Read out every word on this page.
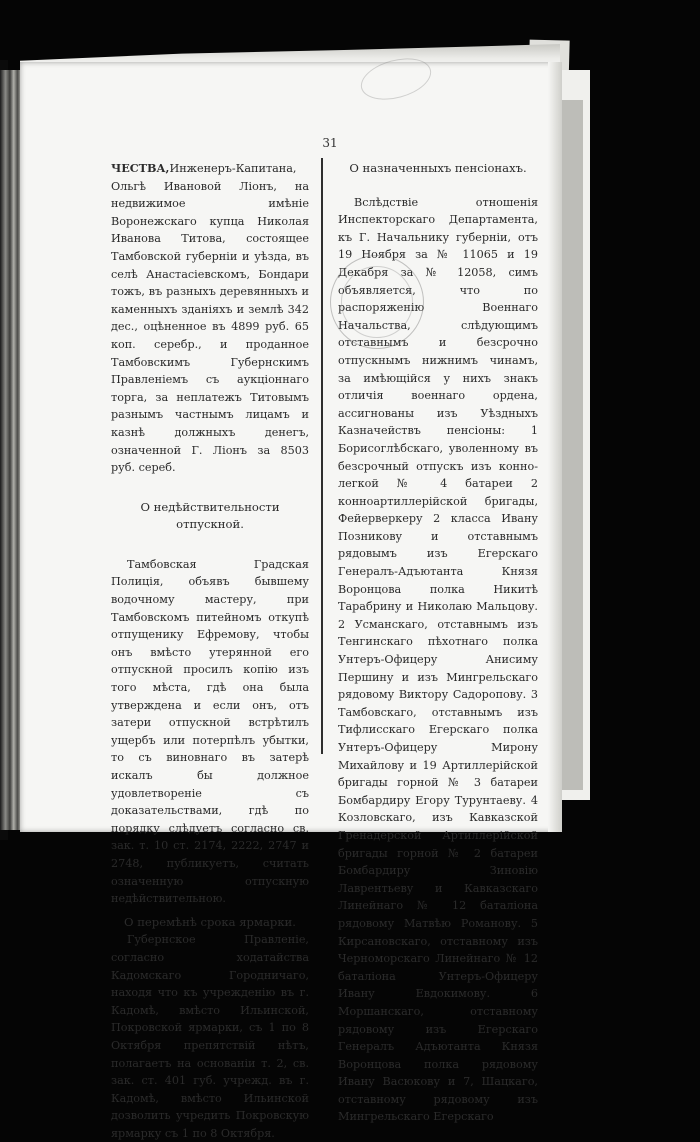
31

ЧЕСТВА,Инженеръ-Капитана, Ольгѣ Ивановой Ліонъ, на недвижимое имѣніе Воронежскаго купца Николая Иванова Титова, состоящее Тамбовской губерніи и уѣзда, въ селѣ Анастасіевскомъ, Бондари тожъ, въ разныхъ деревянныхъ и каменныхъ зданіяхъ и землѣ 342 дес., оцѣненное въ 4899 руб. 65 коп. серебр., и проданное Тамбовскимъ Губернскимъ Правленіемъ съ аукціоннаго торга, за неплатежъ Титовымъ разнымъ частнымъ лицамъ и казнѣ должныхъ денегъ, означенной Г. Ліонъ за 8503 руб. сереб.

О недѣйствительности отпускной.

Тамбовская Градская Полиція, объявъ бывшему водочному мастеру, при Тамбовскомъ питейномъ откупѣ отпущенику Ефремову, чтобы онъ вмѣсто утерянной его отпускной просилъ копію изъ того мѣста, гдѣ она была утверждена и если онъ, отъ затери отпускной встрѣтилъ ущербъ или потерпѣлъ убытки, то съ виновнаго въ затерѣ искалъ бы должное удовлетвореніе съ доказательствами, гдѣ по порядку слѣдуетъ согласно св. зак. т. 10 ст. 2174, 2222, 2747 и 2748, публикуетъ, считать означенную отпускную недѣйствительною.

О перемѣнѣ срока ярмарки.

Губернское Правленіе, согласно ходатайства Кадомскаго Городничаго, находя что къ учрежденію въ г. Кадомѣ, вмѣсто Ильинской, Покровской ярмарки, съ 1 по 8 Октября препятствій нѣтъ, полагаетъ на основаніи т. 2, св. зак. ст. 401 губ. учрежд. въ г. Кадомѣ, вмѣсто Ильинской дозволить учредить Покровскую ярмарку съ 1 по 8 Октября.

О назначенныхъ пенсіонахъ.

Вслѣдствіе отношенія Инспекторскаго Департамента, къ Г. Начальнику губерніи, отъ 19 Ноября за № 11065 и 19 Декабря за № 12058, симъ объявляется, что по распоряженію Военнаго Начальства, слѣдующимъ отставнымъ и безсрочно отпускнымъ нижнимъ чинамъ, за имѣющійся у нихъ знакъ отличія военнаго ордена, ассигнованы изъ Уѣздныхъ Казначействъ пенсіоны: 1 Борисоглѣбскаго, уволенному въ безсрочный отпускъ изъ конно-легкой № 4 батареи 2 конноартиллерійской бригады, Фейерверкеру 2 класса Ивану Позникову и отставнымъ рядовымъ изъ Егерскаго Генералъ-Адъютанта Князя Воронцова полка Никитѣ Тарабрину и Николаю Мальцову. 2 Усманскаго, отставнымъ изъ Тенгинскаго пѣхотнаго полка Унтеръ-Офицеру Анисиму Першину и изъ Мингрельскаго рядовому Виктору Садоропову. 3 Тамбовскаго, отставнымъ изъ Тифлисскаго Егерскаго полка Унтеръ-Офицеру Мирону Михайлову и 19 Артиллерійской бригады горной № 3 батареи Бомбардиру Егору Турунтаеву. 4 Козловскаго, изъ Кавказской Гренадерской Артиллерійской бригады горной № 2 батареи Бомбардиру Зиновію Лаврентьеву и Кавказскаго Линейнаго № 12 баталіона рядовому Матвѣю Романову. 5 Кирсановскаго, отставному изъ Черноморскаго Линейнаго № 12 баталіона Унтеръ-Офицеру Ивану Евдокимову. 6 Моршанскаго, отставному рядовому изъ Егерскаго Генералъ Адъютанта Князя Воронцова полка рядовому Ивану Васюкову и 7, Шацкаго, отставному рядовому изъ Мингрельскаго Егерскаго
